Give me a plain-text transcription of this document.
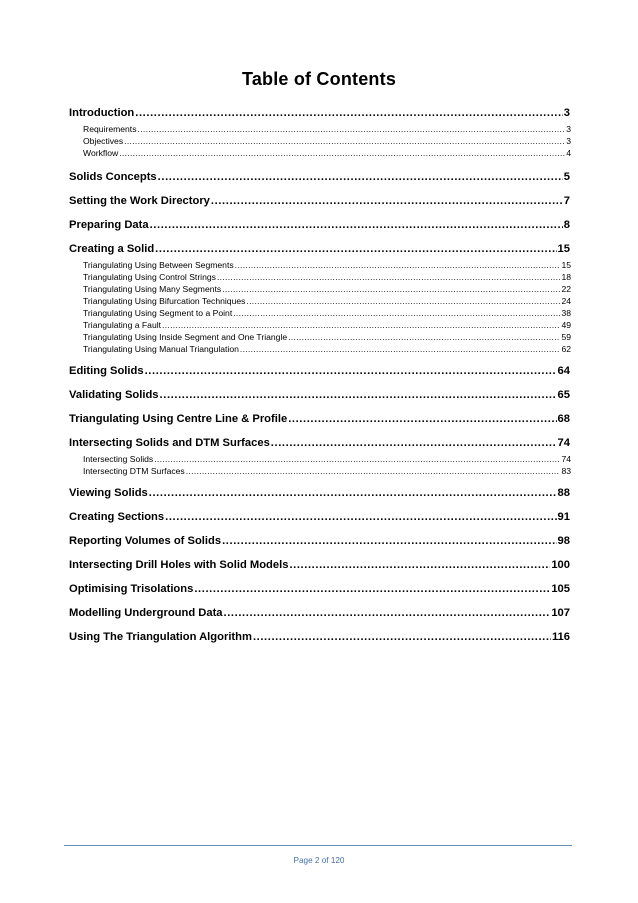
Table of Contents
Introduction .....	3
Requirements .....	3
Objectives .....	3
Workflow .....	4
Solids Concepts .....	5
Setting the Work Directory .....	7
Preparing Data .....	8
Creating a Solid .....	15
Triangulating Using Between Segments .....	15
Triangulating Using Control Strings .....	18
Triangulating Using Many Segments .....	22
Triangulating Using Bifurcation Techniques .....	24
Triangulating Using Segment to a Point .....	38
Triangulating a Fault .....	49
Triangulating Using Inside Segment and One Triangle .....	59
Triangulating Using Manual Triangulation .....	62
Editing Solids .....	64
Validating Solids .....	65
Triangulating Using Centre Line & Profile .....	68
Intersecting Solids and DTM Surfaces .....	74
Intersecting Solids .....	74
Intersecting DTM Surfaces .....	83
Viewing Solids .....	88
Creating Sections .....	91
Reporting Volumes of Solids .....	98
Intersecting Drill Holes with Solid Models .....	100
Optimising Trisolations .....	105
Modelling Underground Data .....	107
Using The Triangulation Algorithm .....	116
Page 2 of 120
